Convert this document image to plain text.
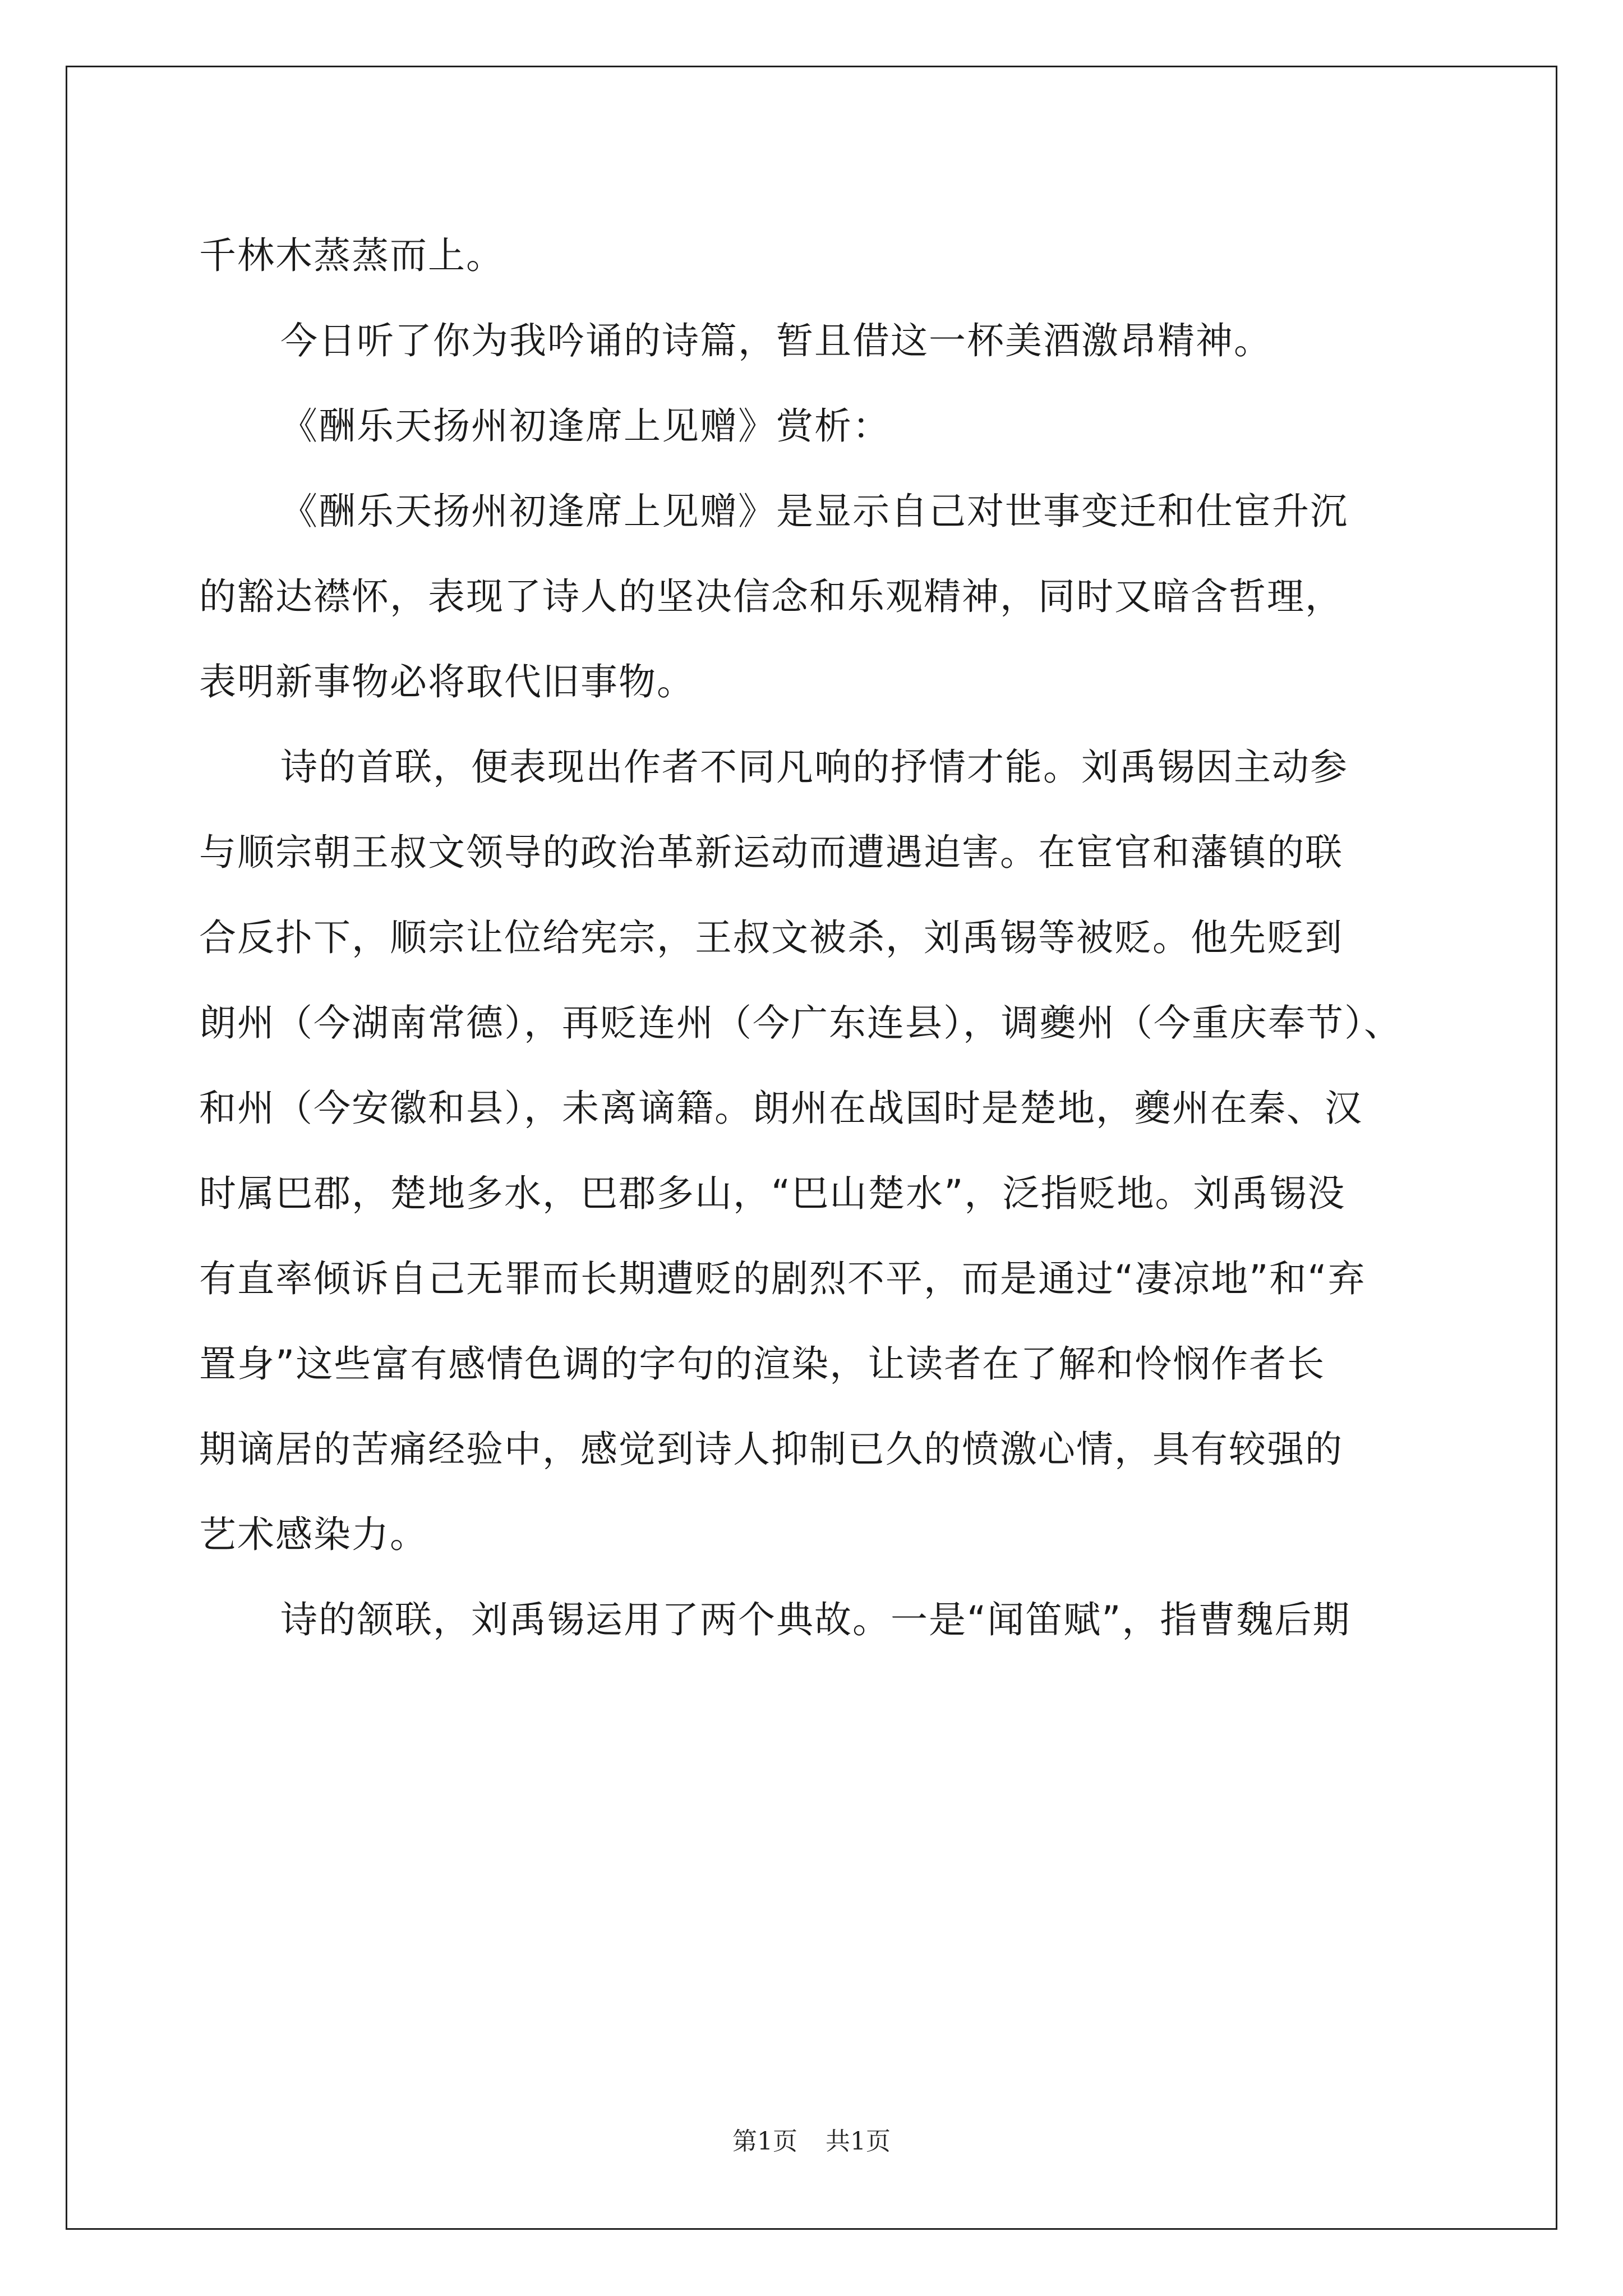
千林木蒸蒸而上。
今日听了你为我吟诵的诗篇，暂且借这一杯美酒激昂精神。
《酬乐天扬州初逢席上见赠》赏析：
《酬乐天扬州初逢席上见赠》是显示自己对世事变迁和仕宦升沉
的豁达襟怀，表现了诗人的坚决信念和乐观精神，同时又暗含哲理，
表明新事物必将取代旧事物。
诗的首联，便表现出作者不同凡响的抒情才能。刘禹锡因主动参
与顺宗朝王叔文领导的政治革新运动而遭遇迫害。在宦官和藩镇的联
合反扑下，顺宗让位给宪宗，王叔文被杀，刘禹锡等被贬。他先贬到
朗州（今湖南常德），再贬连州（今广东连县），调夔州（今重庆奉节）、
和州（今安徽和县），未离谪籍。朗州在战国时是楚地，夔州在秦、汉
时属巴郡，楚地多水，巴郡多山，“巴山楚水”，泛指贬地。刘禹锡没
有直率倾诉自己无罪而长期遭贬的剧烈不平，而是通过“凄凉地”和“弃
置身”这些富有感情色调的字句的渲染，让读者在了解和怜悯作者长
期谪居的苦痛经验中，感觉到诗人抑制已久的愤激心情，具有较强的
艺术感染力。
诗的颔联，刘禹锡运用了两个典故。一是“闻笛赋”，指曹魏后期
第1页 共1页
